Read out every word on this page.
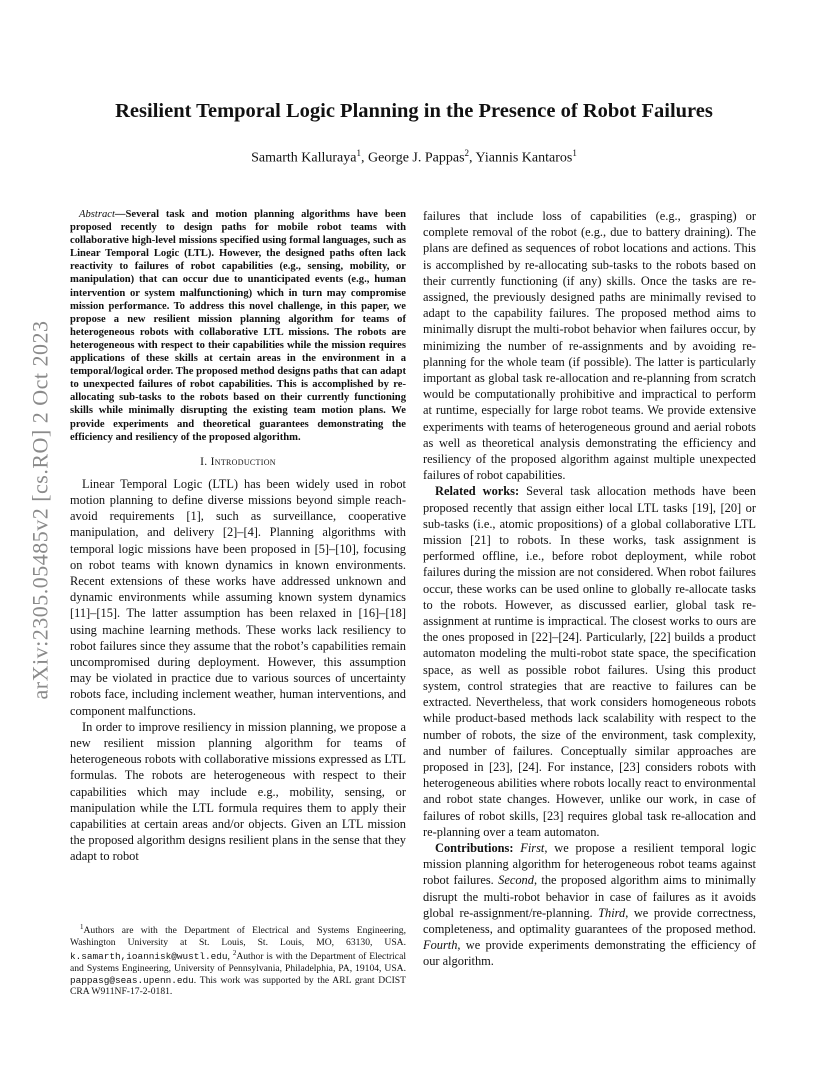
arXiv:2305.05485v2 [cs.RO] 2 Oct 2023
Resilient Temporal Logic Planning in the Presence of Robot Failures
Samarth Kalluraya$^1$, George J. Pappas$^2$, Yiannis Kantaros$^1$

Abstract—Several task and motion planning algorithms have been proposed recently to design paths for mobile robot teams with collaborative high-level missions specified using formal languages, such as Linear Temporal Logic (LTL). However, the designed paths often lack reactivity to failures of robot capabilities (e.g., sensing, mobility, or manipulation) that can occur due to unanticipated events (e.g., human intervention or system malfunctioning) which in turn may compromise mission performance. To address this novel challenge, in this paper, we propose a new resilient mission planning algorithm for teams of heterogeneous robots with collaborative LTL missions. The robots are heterogeneous with respect to their capabilities while the mission requires applications of these skills at certain areas in the environment in a temporal/logical order. The proposed method designs paths that can adapt to unexpected failures of robot capabilities. This is accomplished by re-allocating sub-tasks to the robots based on their currently functioning skills while minimally disrupting the existing team motion plans. We provide experiments and theoretical guarantees demonstrating the efficiency and resiliency of the proposed algorithm.

I. Introduction

Linear Temporal Logic (LTL) has been widely used in robot motion planning to define diverse missions beyond simple reach-avoid requirements [1], such as surveillance, cooperative manipulation, and delivery [2]–[4]. Planning algorithms with temporal logic missions have been proposed in [5]–[10], focusing on robot teams with known dynamics in known environments. Recent extensions of these works have addressed unknown and dynamic environments while assuming known system dynamics [11]–[15]. The latter assumption has been relaxed in [16]–[18] using machine learning methods. These works lack resiliency to robot failures since they assume that the robot’s capabilities remain uncompromised during deployment. However, this assumption may be violated in practice due to various sources of uncertainty robots face, including inclement weather, human interventions, and component malfunctions.

In order to improve resiliency in mission planning, we propose a new resilient mission planning algorithm for teams of heterogeneous robots with collaborative missions expressed as LTL formulas. The robots are heterogeneous with respect to their capabilities which may include e.g., mobility, sensing, or manipulation while the LTL formula requires them to apply their capabilities at certain areas and/or objects. Given an LTL mission the proposed algorithm designs resilient plans in the sense that they adapt to robot

failures that include loss of capabilities (e.g., grasping) or complete removal of the robot (e.g., due to battery draining). The plans are defined as sequences of robot locations and actions. This is accomplished by re-allocating sub-tasks to the robots based on their currently functioning (if any) skills. Once the tasks are re-assigned, the previously designed paths are minimally revised to adapt to the capability failures. The proposed method aims to minimally disrupt the multi-robot behavior when failures occur, by minimizing the number of re-assignments and by avoiding re-planning for the whole team (if possible). The latter is particularly important as global task re-allocation and re-planning from scratch would be computationally prohibitive and impractical to perform at runtime, especially for large robot teams. We provide extensive experiments with teams of heterogeneous ground and aerial robots as well as theoretical analysis demonstrating the efficiency and resiliency of the proposed algorithm against multiple unexpected failures of robot capabilities.

Related works: Several task allocation methods have been proposed recently that assign either local LTL tasks [19], [20] or sub-tasks (i.e., atomic propositions) of a global collaborative LTL mission [21] to robots. In these works, task assignment is performed offline, i.e., before robot deployment, while robot failures during the mission are not considered. When robot failures occur, these works can be used online to globally re-allocate tasks to the robots. However, as discussed earlier, global task re-assignment at runtime is impractical. The closest works to ours are the ones proposed in [22]–[24]. Particularly, [22] builds a product automaton modeling the multi-robot state space, the specification space, as well as possible robot failures. Using this product system, control strategies that are reactive to failures can be extracted. Nevertheless, that work considers homogeneous robots while product-based methods lack scalability with respect to the number of robots, the size of the environment, task complexity, and number of failures. Conceptually similar approaches are proposed in [23], [24]. For instance, [23] considers robots with heterogeneous abilities where robots locally react to environmental and robot state changes. However, unlike our work, in case of failures of robot skills, [23] requires global task re-allocation and re-planning over a team automaton.

Contributions: First, we propose a resilient temporal logic mission planning algorithm for heterogeneous robot teams against robot failures. Second, the proposed algorithm aims to minimally disrupt the multi-robot behavior in case of failures as it avoids global re-assignment/re-planning. Third, we provide correctness, completeness, and optimality guarantees of the proposed method. Fourth, we provide experiments demonstrating the efficiency of our algorithm.

$^1$Authors are with the Department of Electrical and Systems Engineering, Washington University at St. Louis, St. Louis, MO, 63130, USA. k.samarth,ioannisk@wustl.edu, $^2$Author is with the Department of Electrical and Systems Engineering, University of Pennsylvania, Philadelphia, PA, 19104, USA. pappasg@seas.upenn.edu. This work was supported by the ARL grant DCIST CRA W911NF-17-2-0181.
